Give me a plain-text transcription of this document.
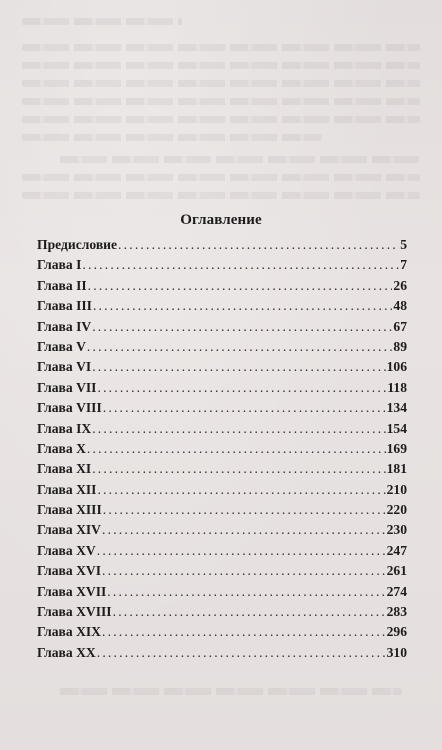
Оглавление
Предисловие .....	5
Глава I .....	7
Глава II .....	26
Глава III .....	48
Глава IV .....	67
Глава V .....	89
Глава VI .....	106
Глава VII .....	118
Глава VIII .....	134
Глава IX .....	154
Глава X .....	169
Глава XI .....	181
Глава XII .....	210
Глава XIII .....	220
Глава XIV .....	230
Глава XV .....	247
Глава XVI .....	261
Глава XVII .....	274
Глава XVIII .....	283
Глава XIX .....	296
Глава XX .....	310
